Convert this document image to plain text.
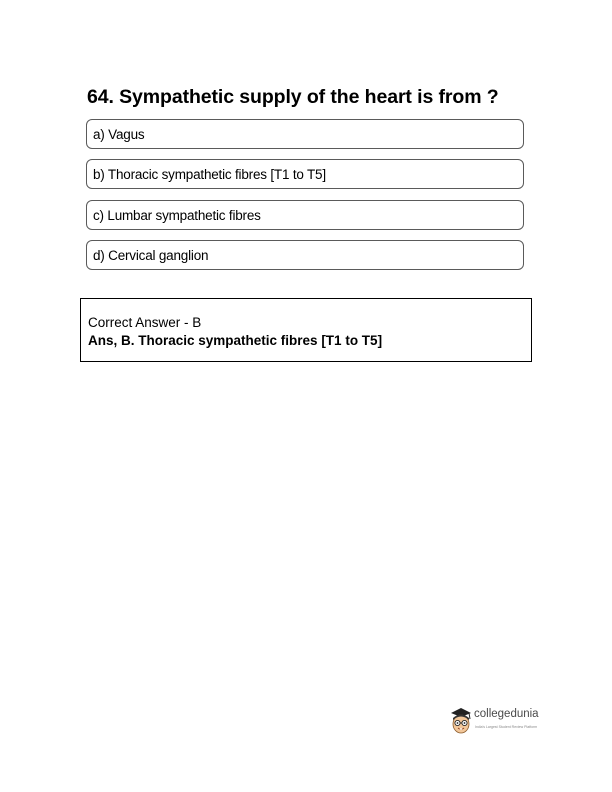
64. Sympathetic supply of the heart is from ?
a) Vagus
b) Thoracic sympathetic fibres [T1 to T5]
c) Lumbar sympathetic fibres
d) Cervical ganglion
Correct Answer - B
Ans, B. Thoracic sympathetic fibres [T1 to T5]
collegedunia
India's Largest Student Review Platform
